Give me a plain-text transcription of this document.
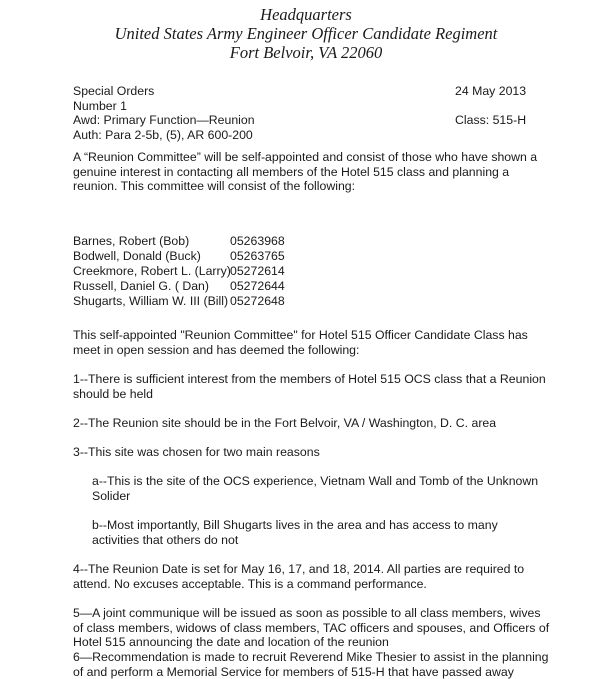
Headquarters
United States Army Engineer Officer Candidate Regiment
Fort Belvoir, VA 22060
Special Orders
Number 1
Awd: Primary Function—Reunion
Auth: Para 2-5b, (5), AR 600-200
24 May 2013
Class: 515-H
A “Reunion Committee” will be self-appointed and consist of those who have shown a genuine interest in contacting all members of the Hotel 515 class and planning a reunion. This committee will consist of the following:
Barnes, Robert (Bob)	05263968
Bodwell, Donald (Buck) 05263765
Creekmore, Robert L. (Larry) 05272614
Russell, Daniel G. ( Dan) 05272644
Shugarts, William W. III (Bill) 05272648
This self-appointed "Reunion Committee" for Hotel 515 Officer Candidate Class has meet in open session and has deemed the following:
1--There is sufficient interest from the members of Hotel 515 OCS class that a Reunion should be held
2--The Reunion site should be in the Fort Belvoir, VA / Washington, D. C. area
3--This site was chosen for two main reasons
a--This is the site of the OCS experience, Vietnam Wall and Tomb of the Unknown Solider
b--Most importantly, Bill Shugarts lives in the area and has access to many activities that others do not
4--The Reunion Date is set for May 16, 17, and 18, 2014. All parties are required to attend. No excuses acceptable. This is a command performance.
5—A joint communique will be issued as soon as possible to all class members, wives of class members, widows of class members, TAC officers and spouses, and Officers of Hotel 515 announcing the date and location of the reunion
6—Recommendation is made to recruit Reverend Mike Thesier to assist in the planning of and perform a Memorial Service for members of 515-H that have passed away
